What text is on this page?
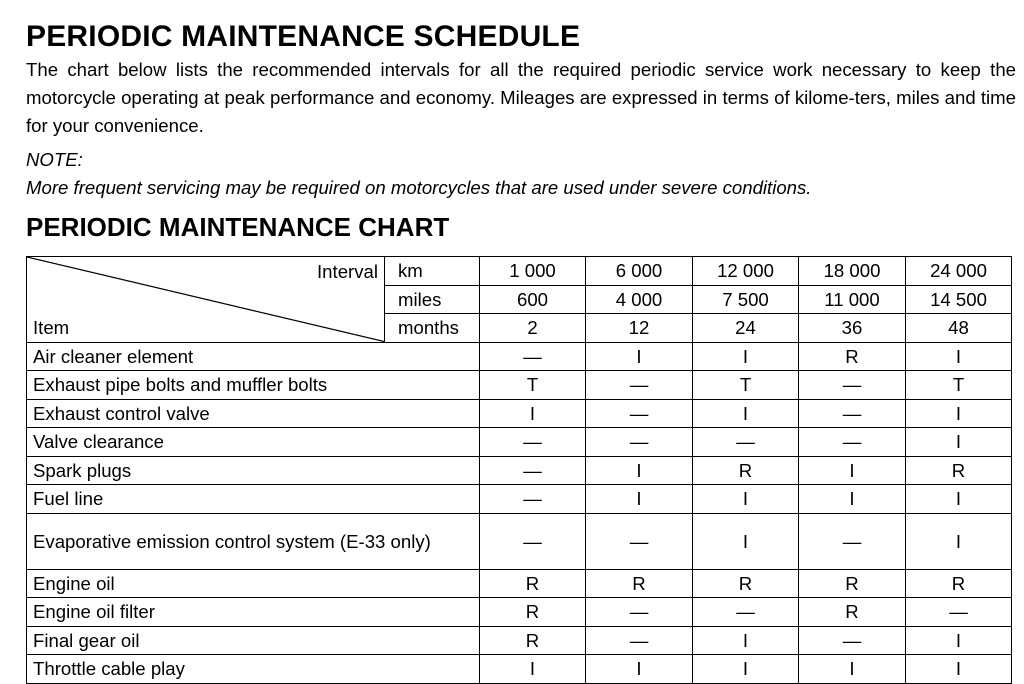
PERIODIC MAINTENANCE SCHEDULE

The chart below lists the recommended intervals for all the required periodic service work necessary to keep the motorcycle operating at peak performance and economy. Mileages are expressed in terms of kilome-ters, miles and time for your convenience.

NOTE:

More frequent servicing may be required on motorcycles that are used under severe conditions.

PERIODIC MAINTENANCE CHART
Interval
Item	km	1 000	6 000	12 000	18 000	24 000
	miles	600	4 000	7 500	11 000	14 500
	months	2	12	24	36	48
Air cleaner element		—	I	I	R	I
Exhaust pipe bolts and muffler bolts		T	—	T	—	T
Exhaust control valve		I	—	I	—	I
Valve clearance		—	—	—	—	I
Spark plugs		—	I	R	I	R
Fuel line		—	I	I	I	I
Evaporative emission control system (E-33 only)		—	—	I	—	I
Engine oil		R	R	R	R	R
Engine oil filter		R	—	—	R	—
Final gear oil		R	—	I	—	I
Throttle cable play		I	I	I	I	I
